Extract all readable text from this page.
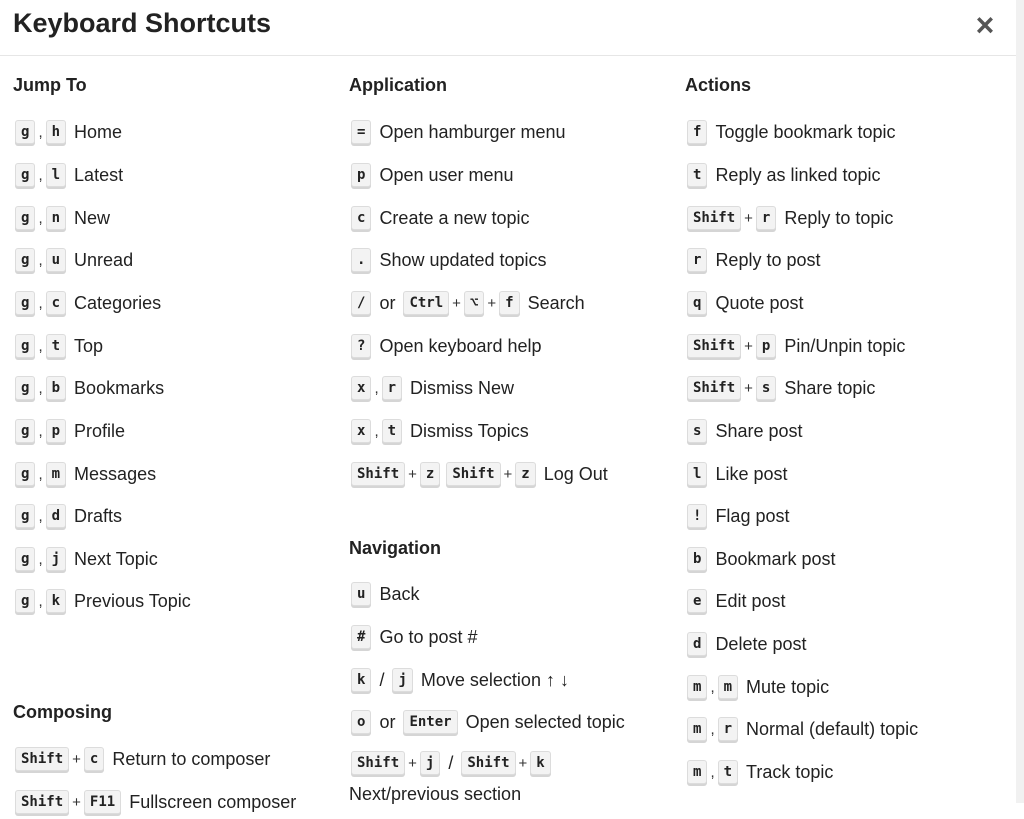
Keyboard Shortcuts	×
Jump To
g , h Home
g , l Latest
g , n New
g , u Unread
g , c Categories
g , t Top
g , b Bookmarks
g , p Profile
g , m Messages
g , d Drafts
g , j Next Topic
g , k Previous Topic
Composing
Shift + c Return to composer
Shift + F11 Fullscreen composer
Application
= Open hamburger menu
p Open user menu
c Create a new topic
. Show updated topics
/ or	Ctrl + ⌥ + f Search
? Open keyboard help
x , r Dismiss New
x , t Dismiss Topics
Shift + z	Shift + z Log Out
Navigation
u Back
# Go to post #
k /	j Move selection ↑ ↓
o or	Enter Open selected topic
Shift + j /	Shift + k
Next/previous section
Actions
f Toggle bookmark topic
t Reply as linked topic
Shift + r Reply to topic
r Reply to post
q Quote post
Shift + p Pin/Unpin topic
Shift + s Share topic
s Share post
l Like post
! Flag post
b Bookmark post
e Edit post
d Delete post
m , m Mute topic
m , r Normal (default) topic
m , t Track topic
